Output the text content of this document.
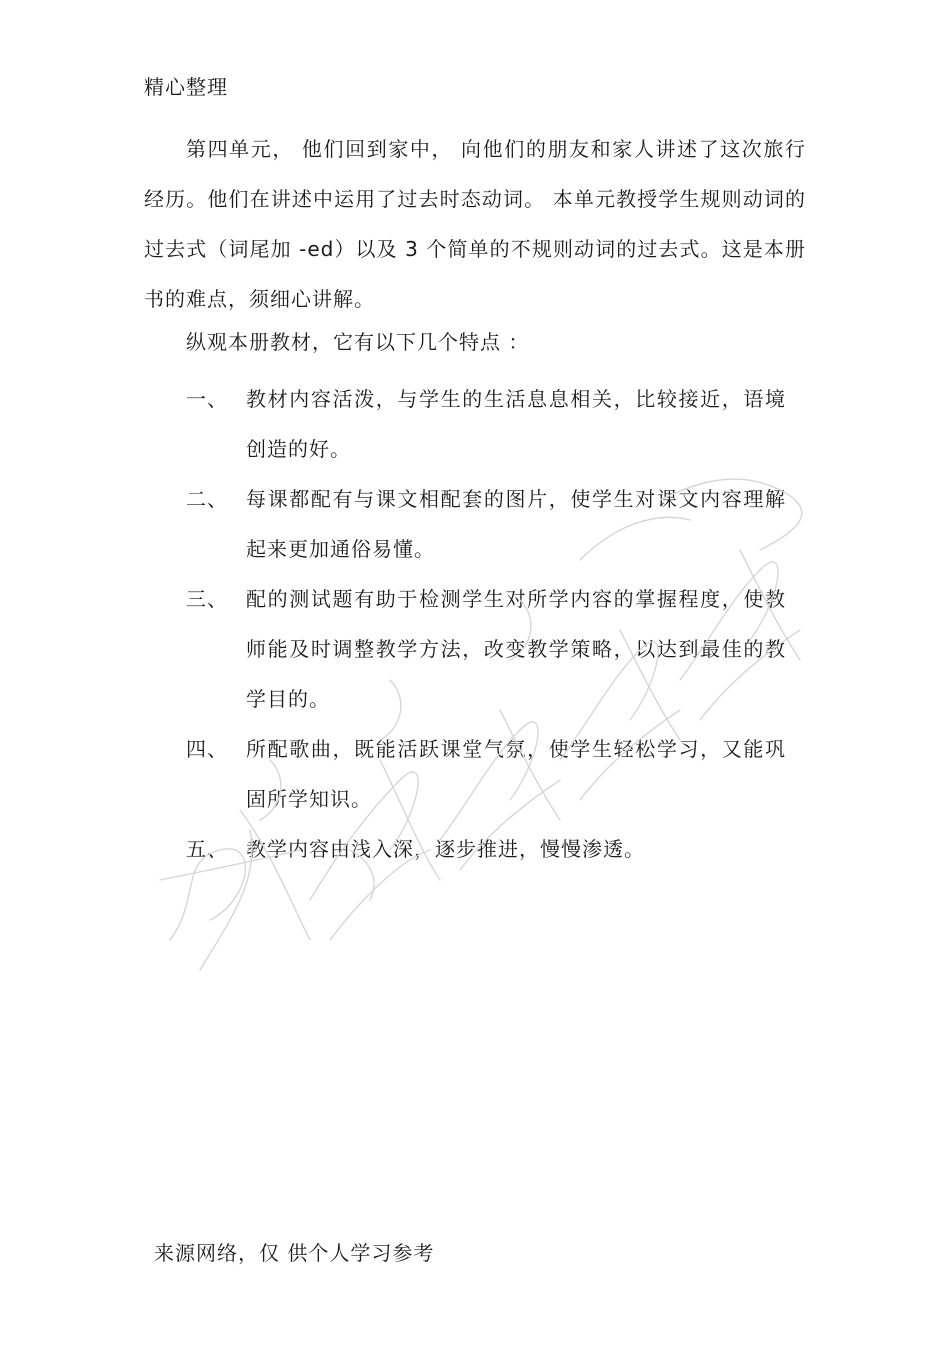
精心整理

第四单元， 他们回到家中， 向他们的朋友和家人讲述了这次旅行经历。他们在讲述中运用了过去时态动词。 本单元教授学生规则动词的过去式（词尾加 -ed）以及 3 个简单的不规则动词的过去式。这是本册书的难点，须细心讲解。

纵观本册教材，它有以下几个特点 ：
一、 教材内容活泼，与学生的生活息息相关，比较接近，语境创造的好。
二、 每课都配有与课文相配套的图片，使学生对课文内容理解起来更加通俗易懂。
三、 配的测试题有助于检测学生对所学内容的掌握程度，使教师能及时调整教学方法，改变教学策略，以达到最佳的教学目的。
四、 所配歌曲，既能活跃课堂气氛，使学生轻松学习，又能巩固所学知识。
五、 教学内容由浅入深，逐步推进，慢慢渗透。
来源网络，仅 供个人学习参考
